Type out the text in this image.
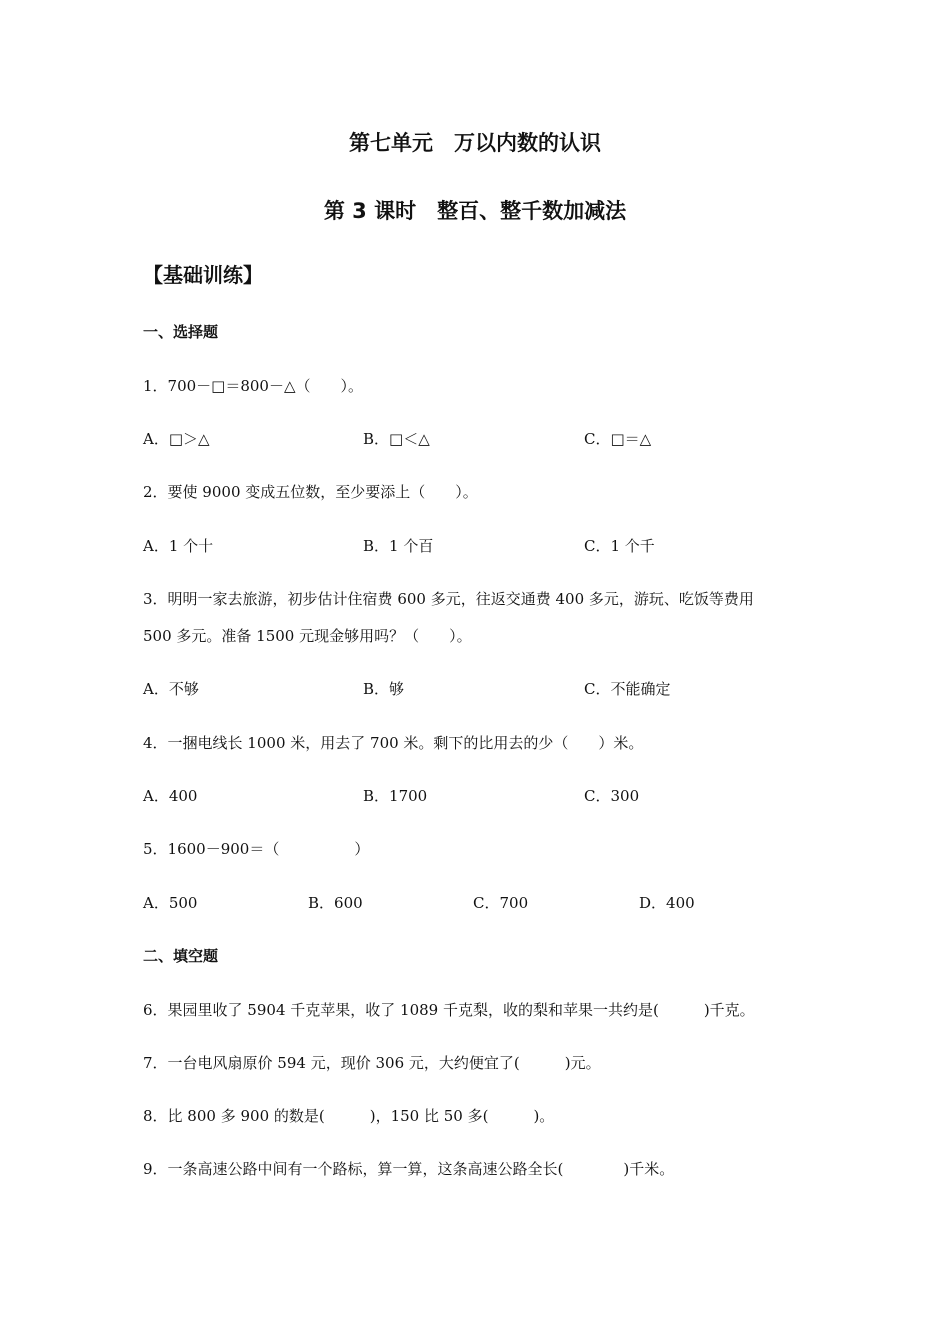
第七单元　万以内数的认识
第 3 课时　整百、整千数加减法
【基础训练】
一、选择题
1．700－□＝800－△（　　）。
A．□＞△	B．□＜△	C．□＝△
2．要使 9000 变成五位数，至少要添上（　　）。
A．1 个十	B．1 个百	C．1 个千
3．明明一家去旅游，初步估计住宿费 600 多元，往返交通费 400 多元，游玩、吃饭等费用
500 多元。准备 1500 元现金够用吗？（　　）。
A．不够	B．够	C．不能确定
4．一捆电线长 1000 米，用去了 700 米。剩下的比用去的少（　　）米。
A．400	B．1700	C．300
5．1600－900＝（　　　　　）
A．500	B．600	C．700	D．400
二、填空题
6．果园里收了 5904 千克苹果，收了 1089 千克梨，收的梨和苹果一共约是(　　　)千克。
7．一台电风扇原价 594 元，现价 306 元，大约便宜了(　　　)元。
8．比 800 多 900 的数是(　　　)，150 比 50 多(　　　)。
9．一条高速公路中间有一个路标，算一算，这条高速公路全长(　　　　)千米。
